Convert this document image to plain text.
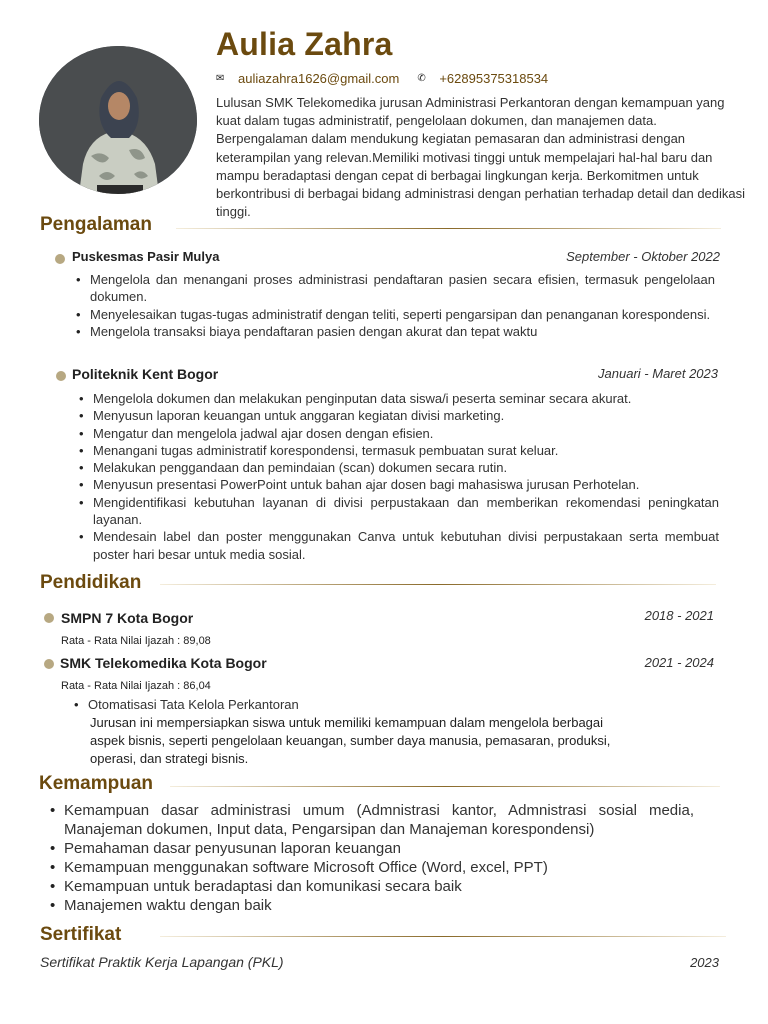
Aulia Zahra
✉	auliazahra1626@gmail.com ✆	+62895375318534
Lulusan SMK Telekomedika jurusan Administrasi Perkantoran dengan kemampuan yang kuat dalam tugas administratif, pengelolaan dokumen, dan manajemen data. Berpengalaman dalam mendukung kegiatan pemasaran dan administrasi dengan keterampilan yang relevan.Memiliki motivasi tinggi untuk mempelajari hal-hal baru dan mampu beradaptasi dengan cepat di berbagai lingkungan kerja. Berkomitmen untuk berkontribusi di berbagai bidang administrasi dengan perhatian terhadap detail dan dedikasi tinggi.
Pengalaman
Puskesmas Pasir Mulya	September - Oktober 2022
• Mengelola dan menangani proses administrasi pendaftaran pasien secara efisien, termasuk pengelolaan dokumen.
• Menyelesaikan tugas-tugas administratif dengan teliti, seperti pengarsipan dan penanganan korespondensi.
• Mengelola transaksi biaya pendaftaran pasien dengan akurat dan tepat waktu
Politeknik Kent Bogor	Januari - Maret 2023
• Mengelola dokumen dan melakukan penginputan data siswa/i peserta seminar secara akurat.
• Menyusun laporan keuangan untuk anggaran kegiatan divisi marketing.
• Mengatur dan mengelola jadwal ajar dosen dengan efisien.
• Menangani tugas administratif korespondensi, termasuk pembuatan surat keluar.
• Melakukan penggandaan dan pemindaian (scan) dokumen secara rutin.
• Menyusun presentasi PowerPoint untuk bahan ajar dosen bagi mahasiswa jurusan Perhotelan.
• Mengidentifikasi kebutuhan layanan di divisi perpustakaan dan memberikan rekomendasi peningkatan layanan.
• Mendesain label dan poster menggunakan Canva untuk kebutuhan divisi perpustakaan serta membuat poster hari besar untuk media sosial.
Pendidikan
SMPN 7 Kota Bogor	2018 - 2021
Rata - Rata Nilai Ijazah : 89,08
SMK Telekomedika Kota Bogor	2021 - 2024
Rata - Rata Nilai Ijazah : 86,04
• Otomatisasi Tata Kelola Perkantoran
Jurusan ini mempersiapkan siswa untuk memiliki kemampuan dalam mengelola berbagai aspek bisnis, seperti pengelolaan keuangan, sumber daya manusia, pemasaran, produksi, operasi, dan strategi bisnis.
Kemampuan
• Kemampuan dasar administrasi umum (Admnistrasi kantor, Admnistrasi sosial media, Manajeman dokumen, Input data, Pengarsipan dan Manajeman korespondensi)
• Pemahaman dasar penyusunan laporan keuangan
• Kemampuan menggunakan software Microsoft Office (Word, excel, PPT)
• Kemampuan untuk beradaptasi dan komunikasi secara baik
• Manajemen waktu dengan baik
Sertifikat
Sertifikat Praktik Kerja Lapangan (PKL)	2023
